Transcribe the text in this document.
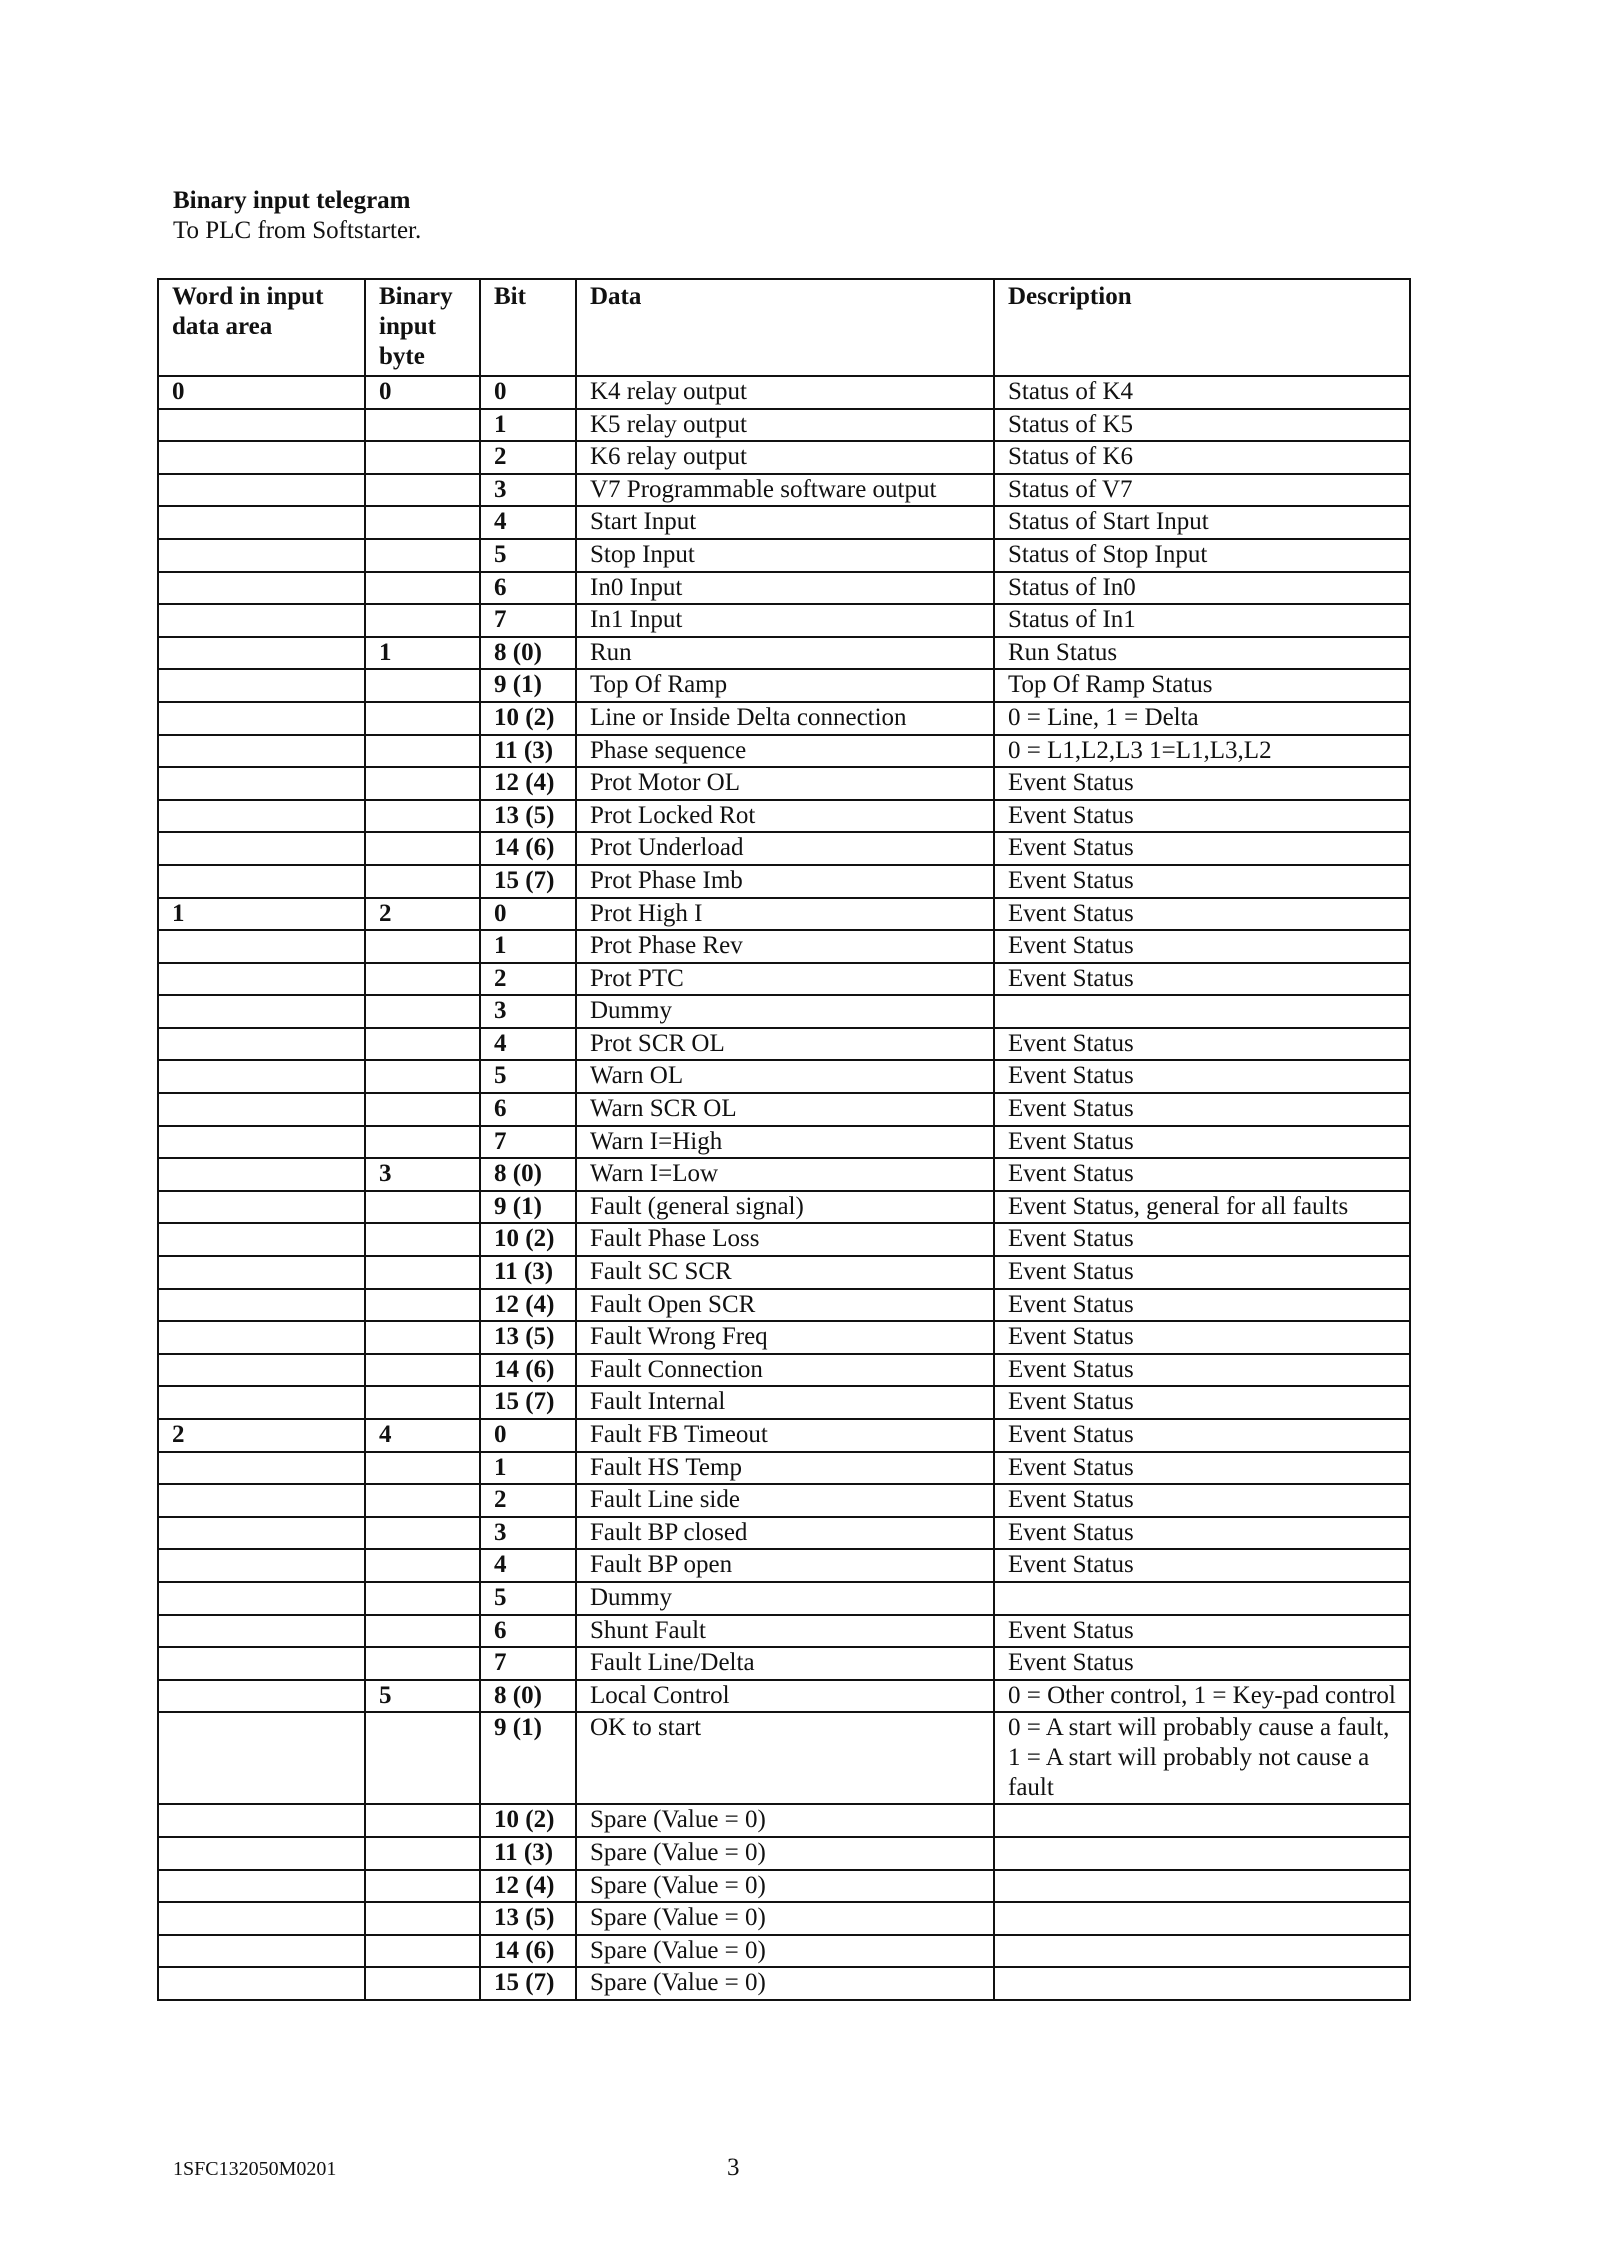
Binary input telegram
To PLC from Softstarter.
Word in input data area	Binary input byte	Bit	Data	Description
0	0	0	K4 relay output	Status of K4
		1	K5 relay output	Status of K5
		2	K6 relay output	Status of K6
		3	V7 Programmable software output	Status of V7
		4	Start Input	Status of Start Input
		5	Stop Input	Status of Stop Input
		6	In0 Input	Status of In0
		7	In1 Input	Status of In1
	1	8 (0)	Run	Run Status
		9 (1)	Top Of Ramp	Top Of Ramp Status
		10 (2)	Line or Inside Delta connection	0 = Line, 1 = Delta
		11 (3)	Phase sequence	0 = L1,L2,L3 1=L1,L3,L2
		12 (4)	Prot Motor OL	Event Status
		13 (5)	Prot Locked Rot	Event Status
		14 (6)	Prot Underload	Event Status
		15 (7)	Prot Phase Imb	Event Status
1	2	0	Prot High I	Event Status
		1	Prot Phase Rev	Event Status
		2	Prot PTC	Event Status
		3	Dummy	
		4	Prot SCR OL	Event Status
		5	Warn OL	Event Status
		6	Warn SCR OL	Event Status
		7	Warn I=High	Event Status
	3	8 (0)	Warn I=Low	Event Status
		9 (1)	Fault (general signal)	Event Status, general for all faults
		10 (2)	Fault Phase Loss	Event Status
		11 (3)	Fault SC SCR	Event Status
		12 (4)	Fault Open SCR	Event Status
		13 (5)	Fault Wrong Freq	Event Status
		14 (6)	Fault Connection	Event Status
		15 (7)	Fault Internal	Event Status
2	4	0	Fault FB Timeout	Event Status
		1	Fault HS Temp	Event Status
		2	Fault Line side	Event Status
		3	Fault BP closed	Event Status
		4	Fault BP open	Event Status
		5	Dummy	
		6	Shunt Fault	Event Status
		7	Fault Line/Delta	Event Status
	5	8 (0)	Local Control	0 = Other control, 1 = Key-pad control
		9 (1)	OK to start	0 = A start will probably cause a fault, 1 = A start will probably not cause a fault
		10 (2)	Spare (Value = 0)	
		11 (3)	Spare (Value = 0)	
		12 (4)	Spare (Value = 0)	
		13 (5)	Spare (Value = 0)	
		14 (6)	Spare (Value = 0)	
		15 (7)	Spare (Value = 0)	
1SFC132050M0201	3
